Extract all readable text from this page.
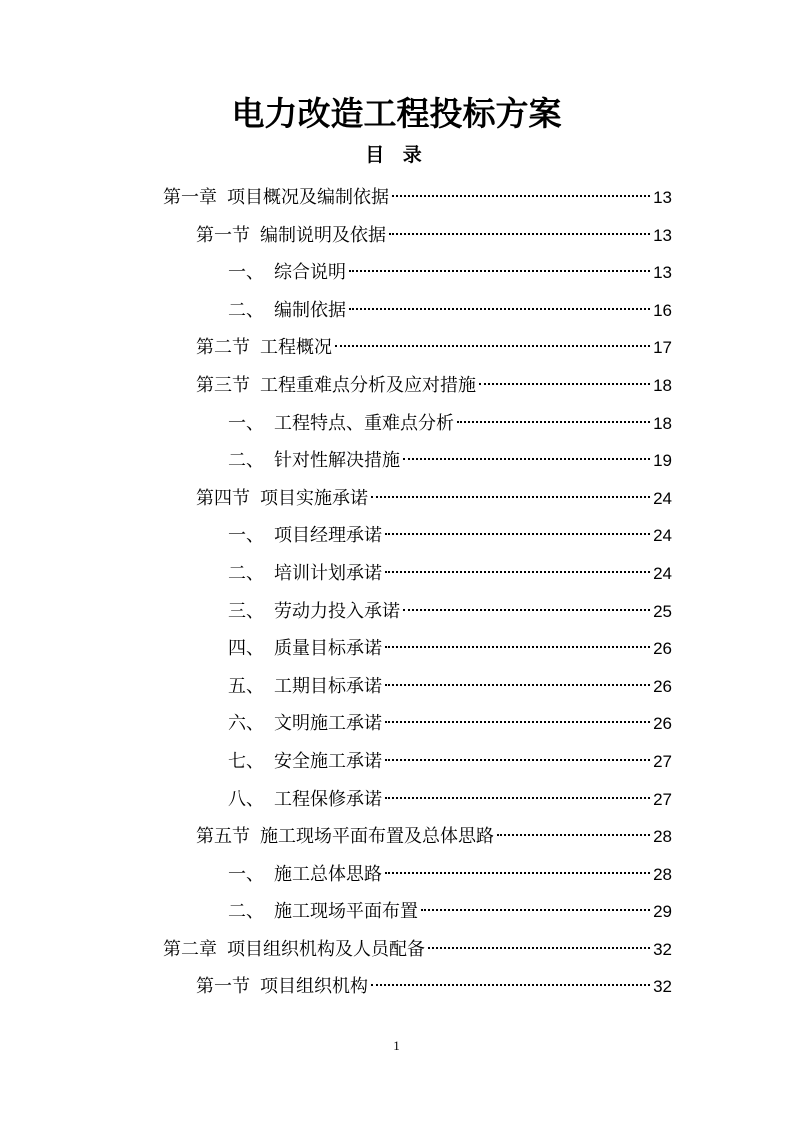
电力改造工程投标方案
目 录
第一章 项目概况及编制依据	13
第一节 编制说明及依据	13
一、 综合说明	13
二、 编制依据	16
第二节 工程概况	17
第三节 工程重难点分析及应对措施	18
一、 工程特点、重难点分析	18
二、 针对性解决措施	19
第四节 项目实施承诺	24
一、 项目经理承诺	24
二、 培训计划承诺	24
三、 劳动力投入承诺	25
四、 质量目标承诺	26
五、 工期目标承诺	26
六、 文明施工承诺	26
七、 安全施工承诺	27
八、 工程保修承诺	27
第五节 施工现场平面布置及总体思路	28
一、 施工总体思路	28
二、 施工现场平面布置	29
第二章 项目组织机构及人员配备	32
第一节 项目组织机构	32
1
